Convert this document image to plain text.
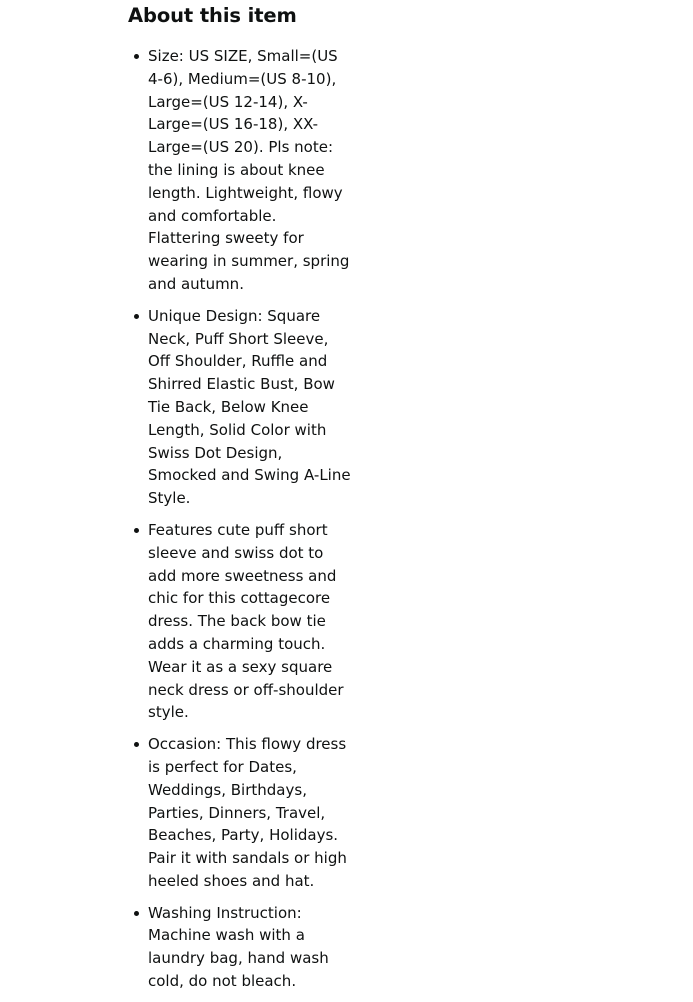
About this item
Size: US SIZE, Small=(US 4-6), Medium=(US 8-10), Large=(US 12-14), X-Large=(US 16-18), XX-Large=(US 20). Pls note: the lining is about knee length. Lightweight, flowy and comfortable. Flattering sweety for wearing in summer, spring and autumn.
Unique Design: Square Neck, Puff Short Sleeve, Off Shoulder, Ruffle and Shirred Elastic Bust, Bow Tie Back, Below Knee Length, Solid Color with Swiss Dot Design, Smocked and Swing A-Line Style.
Features cute puff short sleeve and swiss dot to add more sweetness and chic for this cottagecore dress. The back bow tie adds a charming touch. Wear it as a sexy square neck dress or off-shoulder style.
Occasion: This flowy dress is perfect for Dates, Weddings, Birthdays, Parties, Dinners, Travel, Beaches, Party, Holidays. Pair it with sandals or high heeled shoes and hat.
Washing Instruction: Machine wash with a laundry bag, hand wash cold, do not bleach.
